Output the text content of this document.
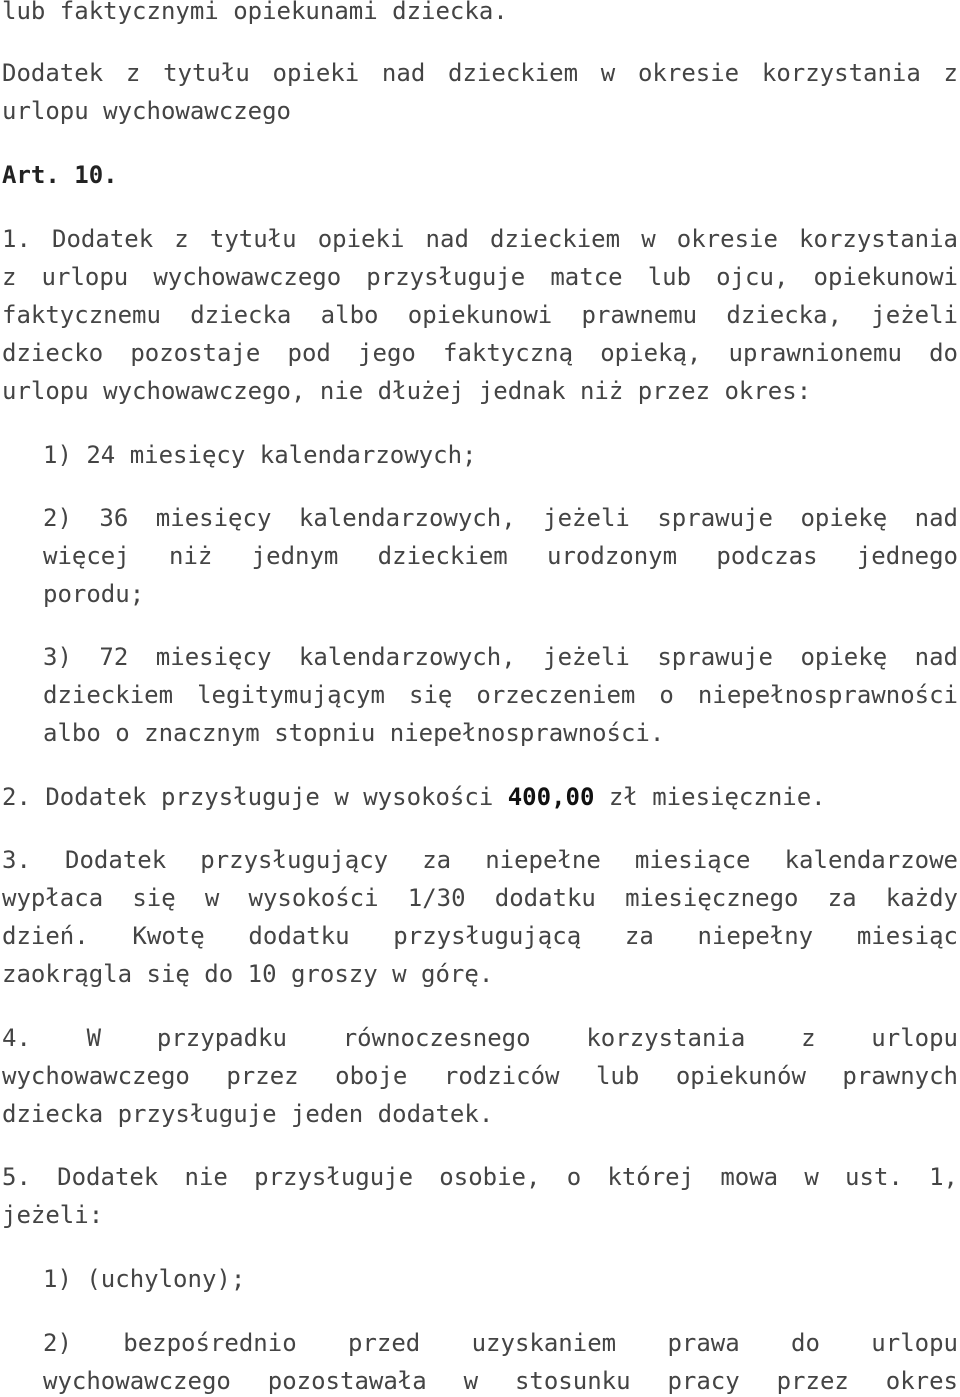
lub faktycznymi opiekunami dziecka.

Dodatek z tytułu opieki nad dzieckiem w okresie korzystania z

urlopu wychowawczego

Art. 10.

1. Dodatek z tytułu opieki nad dzieckiem w okresie korzystania

z urlopu wychowawczego przysługuje matce lub ojcu, opiekunowi

faktycznemu dziecka albo opiekunowi prawnemu dziecka, jeżeli

dziecko pozostaje pod jego faktyczną opieką, uprawnionemu do

urlopu wychowawczego, nie dłużej jednak niż przez okres:

1) 24 miesięcy kalendarzowych;

2) 36 miesięcy kalendarzowych, jeżeli sprawuje opiekę nad

więcej niż jednym dzieckiem urodzonym podczas jednego

porodu;

3) 72 miesięcy kalendarzowych, jeżeli sprawuje opiekę nad

dzieckiem legitymującym się orzeczeniem o niepełnosprawności

albo o znacznym stopniu niepełnosprawności.

2. Dodatek przysługuje w wysokości 400,00 zł miesięcznie.

3. Dodatek przysługujący za niepełne miesiące kalendarzowe

wypłaca się w wysokości 1/30 dodatku miesięcznego za każdy

dzień. Kwotę dodatku przysługującą za niepełny miesiąc

zaokrągla się do 10 groszy w górę.

4. W przypadku równoczesnego korzystania z urlopu

wychowawczego przez oboje rodziców lub opiekunów prawnych

dziecka przysługuje jeden dodatek.

5. Dodatek nie przysługuje osobie, o której mowa w ust. 1,

jeżeli:

1) (uchylony);

2) bezpośrednio przed uzyskaniem prawa do urlopu

wychowawczego pozostawała w stosunku pracy przez okres
